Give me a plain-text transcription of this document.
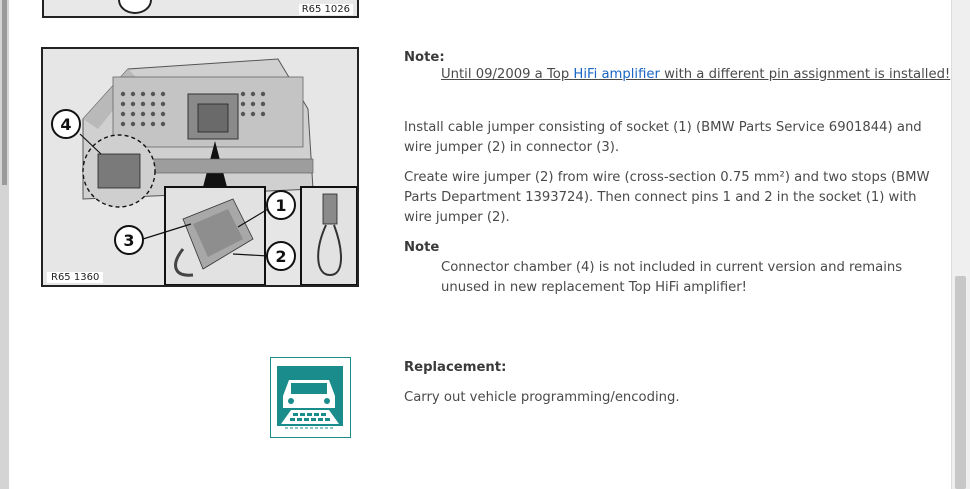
R65 1026
4
3
1
2
R65 1360
Note:
Until 09/2009 a Top HiFi amplifier with a different pin assignment is installed!
Install cable jumper consisting of socket (1) (BMW Parts Service 6901844) and wire jumper (2) in connector (3).
Create wire jumper (2) from wire (cross-section 0.75 mm²) and two stops (BMW Parts Department 1393724). Then connect pins 1 and 2 in the socket (1) with wire jumper (2).
Note
Connector chamber (4) is not included in current version and remains unused in new replacement Top HiFi amplifier!
Replacement:
Carry out vehicle programming/encoding.
